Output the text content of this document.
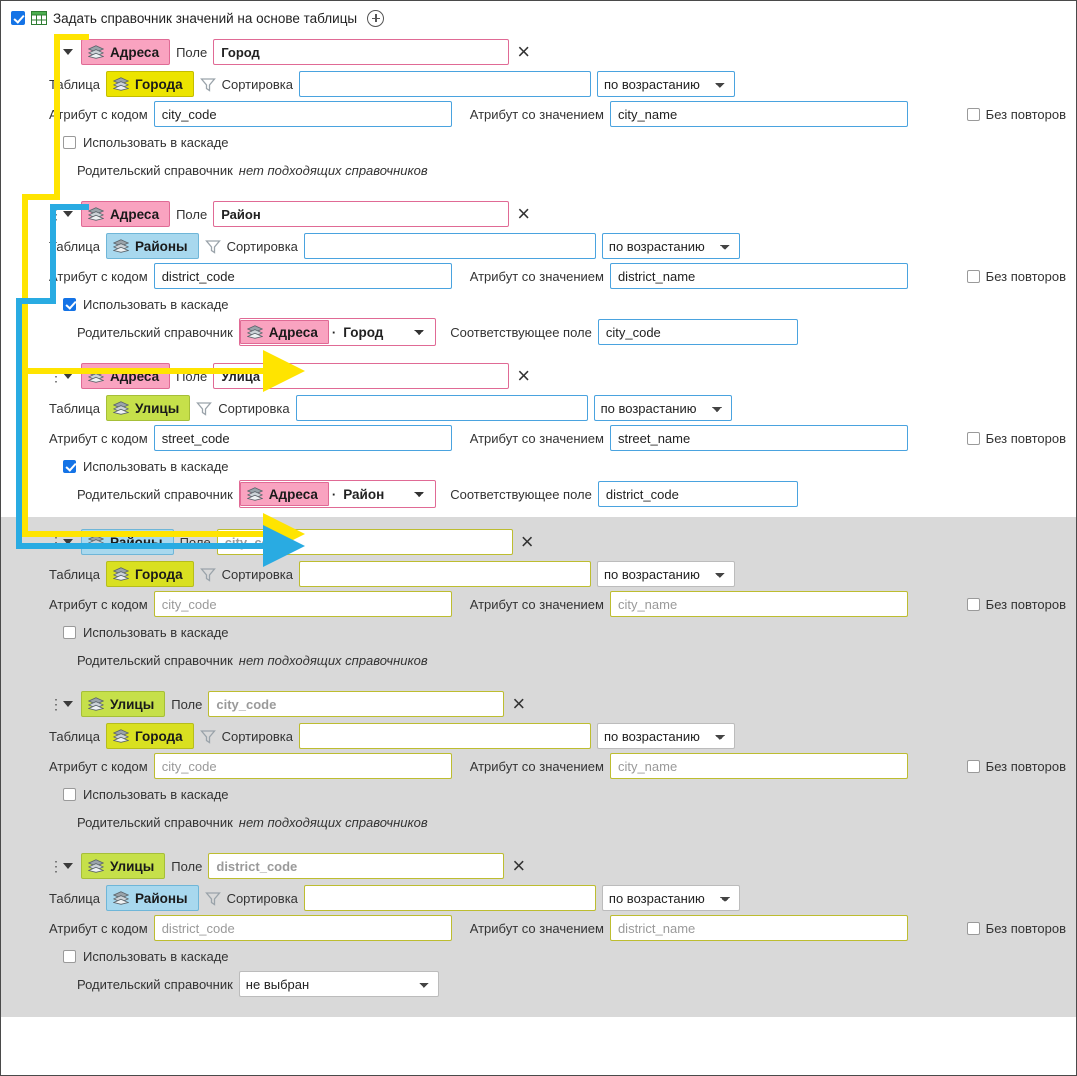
Задать справочник значений на основе таблицы
⋮	Адреса Поле
Город	×
Таблица	Города	Сортировка
по возрастанию
Атрибут с кодом
city_code	Атрибут со значением
city_name	Без повторов
Использовать в каскаде
Родительский справочник нет подходящих справочников
⋮	Адреса Поле
Район	×
Таблица	Районы	Сортировка
по возрастанию
Атрибут с кодом
district_code	Атрибут со значением
district_name	Без повторов
Использовать в каскаде
Родительский справочник	Адреса ·
Город	Соответствующее поле
city_code
⋮	Адреса Поле
Улица	×
Таблица	Улицы	Сортировка
по возрастанию
Атрибут с кодом
street_code	Атрибут со значением
street_name	Без повторов
Использовать в каскаде
Родительский справочник	Адреса ·
Район	Соответствующее поле
district_code
⋮	Районы Поле
city_code	×
Таблица	Города	Сортировка
по возрастанию
Атрибут с кодом
city_code	Атрибут со значением
city_name	Без повторов
Использовать в каскаде
Родительский справочник нет подходящих справочников
⋮	Улицы Поле
city_code	×
Таблица	Города	Сортировка
по возрастанию
Атрибут с кодом
city_code	Атрибут со значением
city_name	Без повторов
Использовать в каскаде
Родительский справочник нет подходящих справочников
⋮	Улицы Поле
district_code	×
Таблица	Районы	Сортировка
по возрастанию
Атрибут с кодом
district_code	Атрибут со значением
district_name	Без повторов
Использовать в каскаде
Родительский справочник
не выбран
